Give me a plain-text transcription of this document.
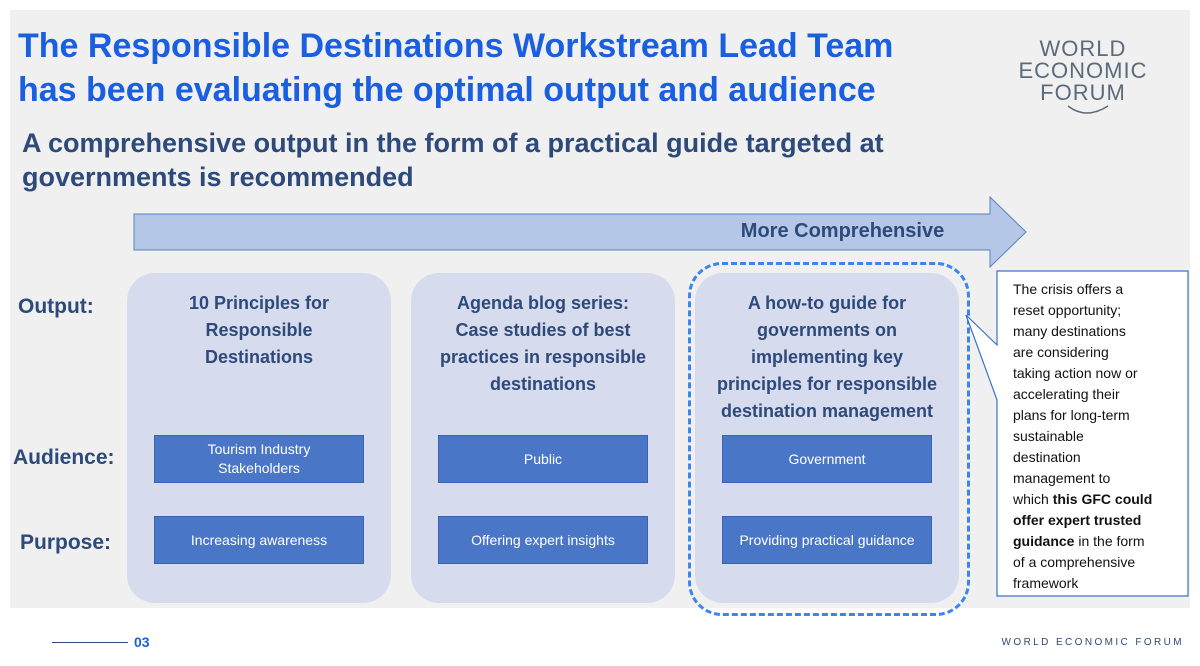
The Responsible Destinations Workstream Lead Team
has been evaluating the optimal output and audience
WORLD
ECONOMIC
FORUM
A comprehensive output in the form of a practical guide targeted at
governments is recommended
More Comprehensive
Output:
Audience:
Purpose:
10 Principles for
Responsible
Destinations
Tourism Industry
Stakeholders
Increasing awareness
Agenda blog series:
Case studies of best
practices in responsible
destinations
Public
Offering expert insights
A how-to guide for
governments on
implementing key
principles for responsible
destination management
Government
Providing practical guidance
The crisis offers a
reset opportunity;
many destinations
are considering
taking action now or
accelerating their
plans for long-term
sustainable
destination
management to
which this GFC could
offer expert trusted
guidance in the form
of a comprehensive
framework
03	WORLD ECONOMIC FORUM
